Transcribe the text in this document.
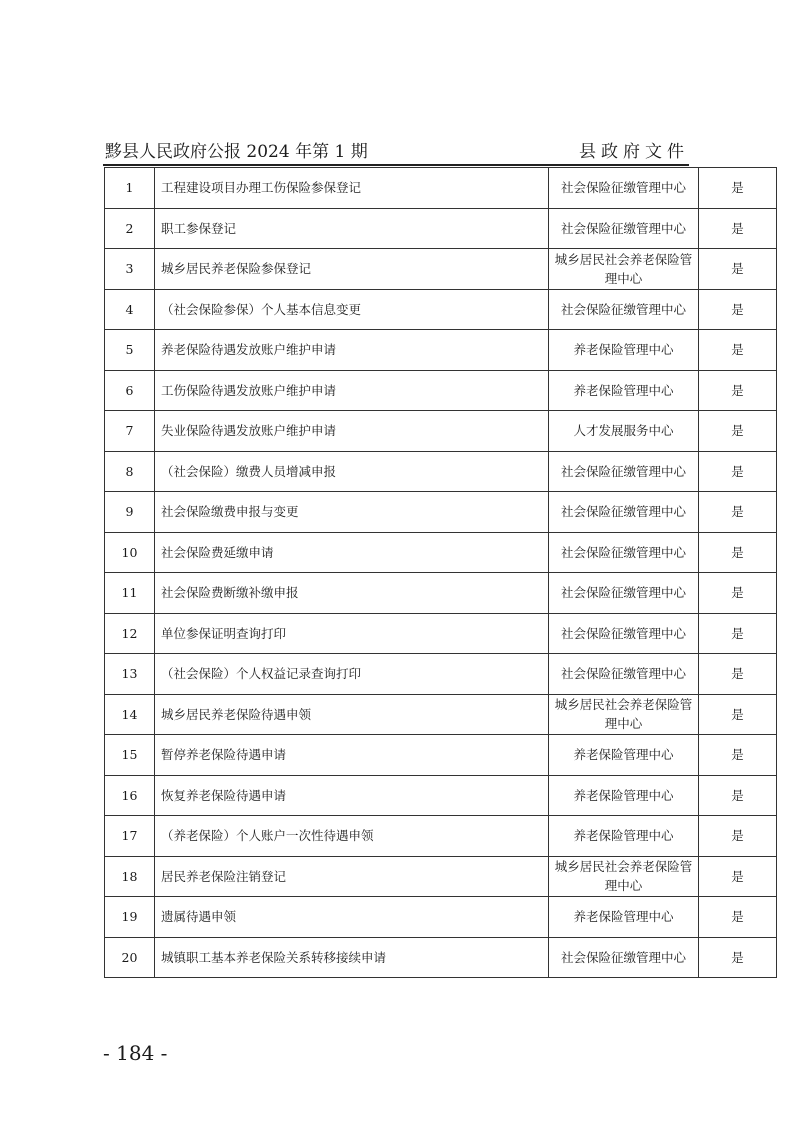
黟县人民政府公报 2024 年第 1 期	县政府文件
1	工程建设项目办理工伤保险参保登记	社会保险征缴管理中心	是
2	职工参保登记	社会保险征缴管理中心	是
3	城乡居民养老保险参保登记	城乡居民社会养老保险管理中心	是
4	（社会保险参保）个人基本信息变更	社会保险征缴管理中心	是
5	养老保险待遇发放账户维护申请	养老保险管理中心	是
6	工伤保险待遇发放账户维护申请	养老保险管理中心	是
7	失业保险待遇发放账户维护申请	人才发展服务中心	是
8	（社会保险）缴费人员增减申报	社会保险征缴管理中心	是
9	社会保险缴费申报与变更	社会保险征缴管理中心	是
10	社会保险费延缴申请	社会保险征缴管理中心	是
11	社会保险费断缴补缴申报	社会保险征缴管理中心	是
12	单位参保证明查询打印	社会保险征缴管理中心	是
13	（社会保险）个人权益记录查询打印	社会保险征缴管理中心	是
14	城乡居民养老保险待遇申领	城乡居民社会养老保险管理中心	是
15	暂停养老保险待遇申请	养老保险管理中心	是
16	恢复养老保险待遇申请	养老保险管理中心	是
17	（养老保险）个人账户一次性待遇申领	养老保险管理中心	是
18	居民养老保险注销登记	城乡居民社会养老保险管理中心	是
19	遗属待遇申领	养老保险管理中心	是
20	城镇职工基本养老保险关系转移接续申请	社会保险征缴管理中心	是
- 184 -
